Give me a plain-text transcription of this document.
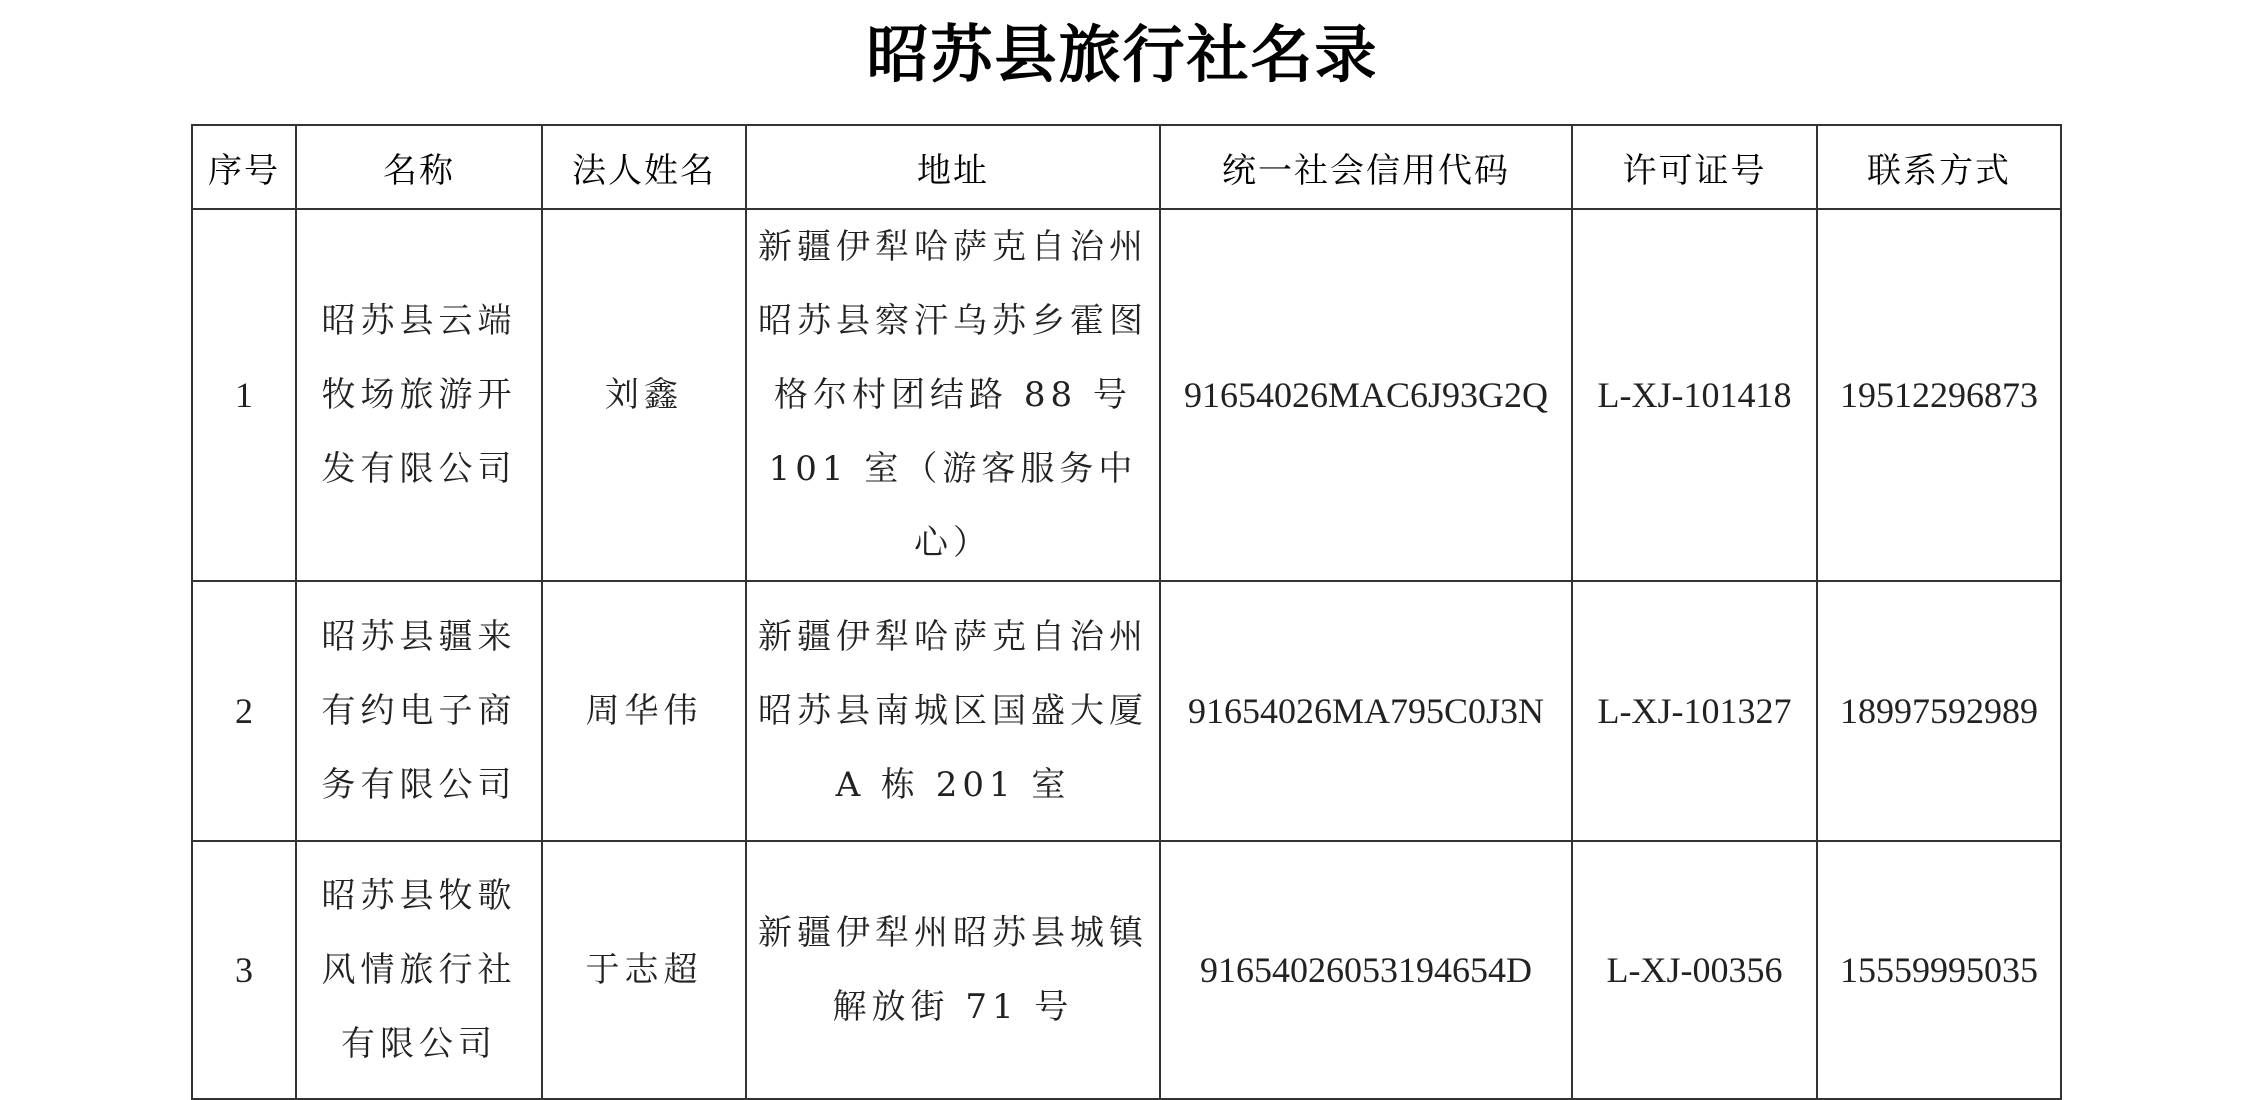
昭苏县旅行社名录
序号	名称	法人姓名	地址	统一社会信用代码	许可证号	联系方式
1	昭苏县云端牧场旅游开发有限公司	刘鑫	新疆伊犁哈萨克自治州昭苏县察汗乌苏乡霍图格尔村团结路 88 号 101 室（游客服务中心）	91654026MAC6J93G2Q	L-XJ-101418	19512296873
2	昭苏县疆来有约电子商务有限公司	周华伟	新疆伊犁哈萨克自治州昭苏县南城区国盛大厦 A 栋 201 室	91654026MA795C0J3N	L-XJ-101327	18997592989
3	昭苏县牧歌风情旅行社有限公司	于志超	新疆伊犁州昭苏县城镇解放街 71 号	91654026053194654D	L-XJ-00356	15559995035
